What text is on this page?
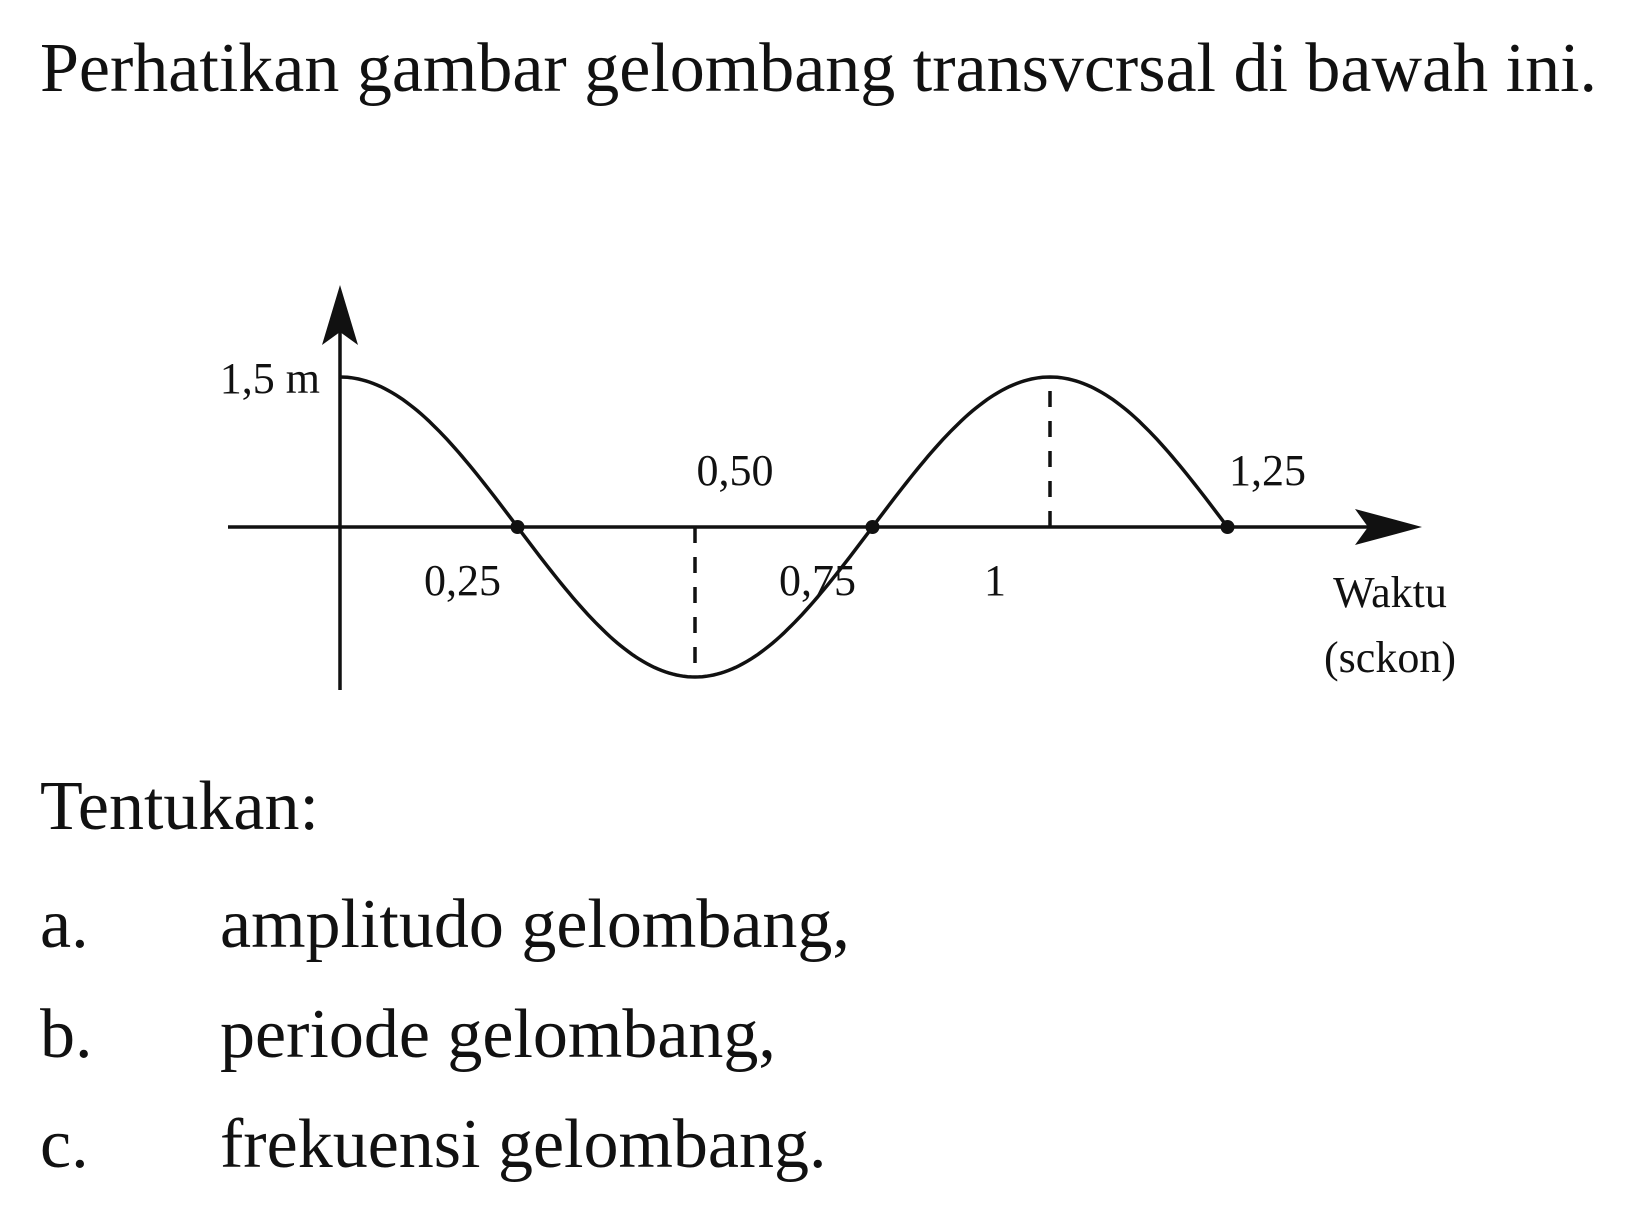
Perhatikan gambar gelombang transvcrsal di bawah ini.

1,5 m
0,25
0,50
0,75	1
1,25
Waktu
(sckon)

Tentukan:

a. amplitudo gelombang,
b. periode gelombang,
c. frekuensi gelombang.
